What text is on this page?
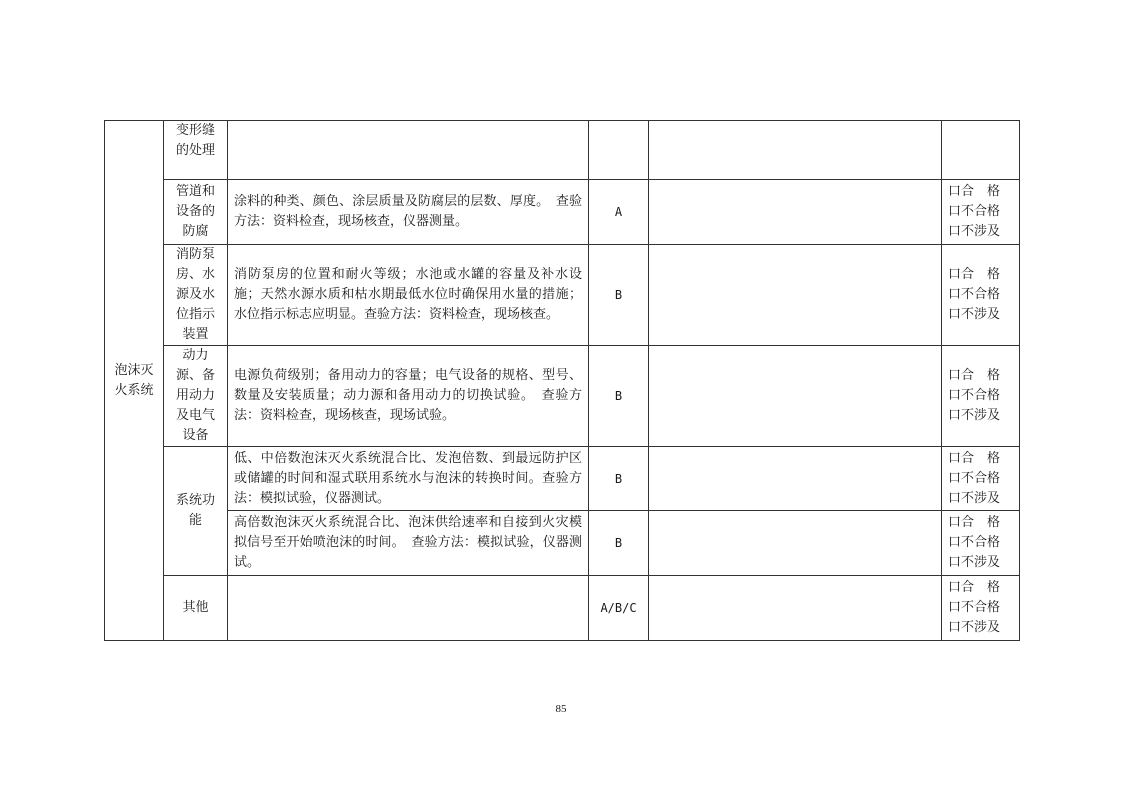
泡沫灭火系统	变形缝的处理				
	管道和设备的防腐	涂料的种类、颜色、涂层质量及防腐层的层数、厚度。　查验方法：资料检查，现场核查，仪器测量。	A		口合　格
口不合格
口不涉及

	消防泵房、水源及水位指示装置	消防泵房的位置和耐火等级；水池或水罐的容量及补水设施；天然水源水质和枯水期最低水位时确保用水量的措施；水位指示标志应明显。查验方法：资料检查，现场核查。	B		口合　格
口不合格
口不涉及

	动力源、备用动力及电气设备	电源负荷级别；备用动力的容量；电气设备的规格、型号、数量及安装质量；动力源和备用动力的切换试验。　查验方法：资料检查，现场核查，现场试验。	B		口合　格
口不合格
口不涉及

	系统功能	低、中倍数泡沫灭火系统混合比、发泡倍数、到最远防护区或储罐的时间和湿式联用系统水与泡沫的转换时间。查验方法：模拟试验，仪器测试。	B		口合　格
口不合格
口不涉及

		高倍数泡沫灭火系统混合比、泡沫供给速率和自接到火灾模拟信号至开始喷泡沫的时间。　查验方法：模拟试验，仪器测试。	B		口合　格
口不合格
口不涉及

	其他		A/B/C		口合　格
口不合格
口不涉及
85
